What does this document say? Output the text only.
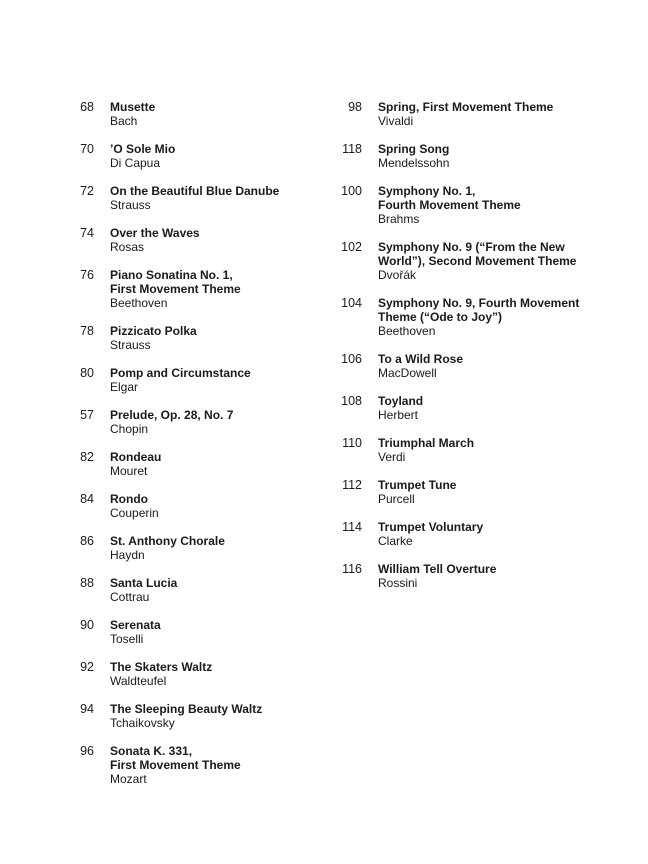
68 Musette
Bach
70 ’O Sole Mio
Di Capua
72 On the Beautiful Blue Danube
Strauss
74 Over the Waves
Rosas
76 Piano Sonatina No. 1,
First Movement Theme
Beethoven
78 Pizzicato Polka
Strauss
80 Pomp and Circumstance
Elgar
57 Prelude, Op. 28, No. 7
Chopin
82 Rondeau
Mouret
84 Rondo
Couperin
86 St. Anthony Chorale
Haydn
88 Santa Lucia
Cottrau
90 Serenata
Toselli
92 The Skaters Waltz
Waldteufel
94 The Sleeping Beauty Waltz
Tchaikovsky
96 Sonata K. 331,
First Movement Theme
Mozart
98 Spring, First Movement Theme
Vivaldi
118 Spring Song
Mendelssohn
100 Symphony No. 1,
Fourth Movement Theme
Brahms
102 Symphony No. 9 (“From the New
World”), Second Movement Theme
Dvořák
104 Symphony No. 9, Fourth Movement
Theme (“Ode to Joy”)
Beethoven
106 To a Wild Rose
MacDowell
108 Toyland
Herbert
110 Triumphal March
Verdi
112 Trumpet Tune
Purcell
114 Trumpet Voluntary
Clarke
116 William Tell Overture
Rossini
